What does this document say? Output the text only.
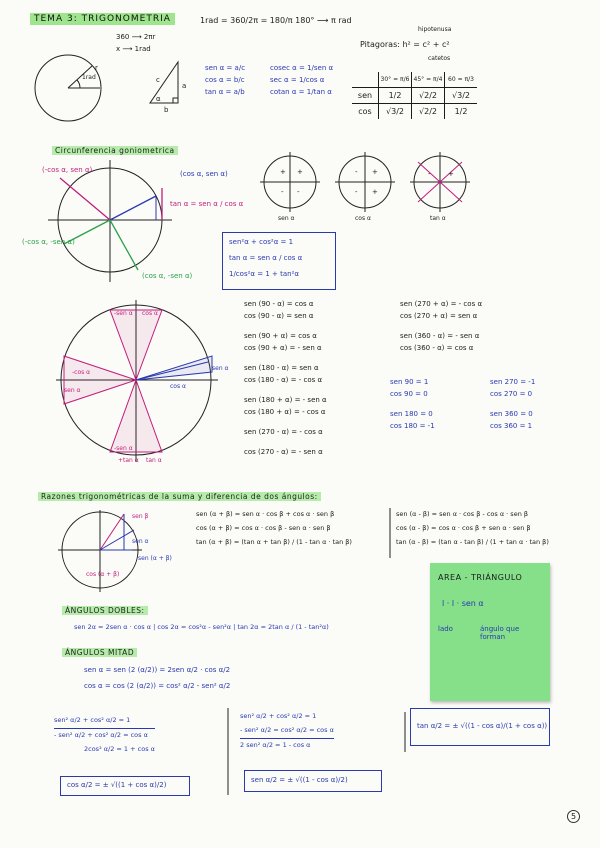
TEMA 3: TRIGONOMETRIA	1rad = 360/2π = 180/π 180° ⟶ π rad
360 ⟶ 2πr
x ⟶ 1rad
r
1rad	c
a
b
α
sen α = a/c
cos α = b/c
tan α = a/b
cosec α = 1/sen α
sec α = 1/cos α
cotan α = 1/tan α
hipotenusa
Pitagoras: h² = c² + c²
catetos
	30° = π/6	45° = π/4	60 = π/3
sen	1/2	√2/2	√3/2
cos	√3/2	√2/2	1/2
Circunferencia goniometrica
(-cos α, sen α)	(cos α, sen α)
tan α = sen α / cos α
(-cos α, -sen α)
(cos α, -sen α)
+ +
- -
- +
- +
+
-
sen α	cos α	tan α
sen²α + cos²α = 1
tan α = sen α / cos α
1/cos²α = 1 + tan²α
-sen α cos α
-cos α
sen α
cos α
sen α
-sen α
+tan α tan α
sen (90 - α) = cos α
cos (90 - α) = sen α
sen (90 + α) = cos α
cos (90 + α) = - sen α
sen (180 - α) = sen α
cos (180 - α) = - cos α
sen (180 + α) = - sen α
cos (180 + α) = - cos α
sen (270 - α) = - cos α
cos (270 - α) = - sen α
sen (270 + α) = - cos α
cos (270 + α) = sen α
sen (360 - α) = - sen α
cos (360 - α) = cos α
sen 90 = 1	sen 270 = -1
cos 90 = 0	cos 270 = 0
sen 180 = 0	sen 360 = 0
cos 180 = -1	cos 360 = 1
Razones trigonométricas de la suma y diferencia de dos ángulos:
sen β
sen α
sen (α + β)
cos (α + β)
sen (α + β) = sen α · cos β + cos α · sen β
cos (α + β) = cos α · cos β - sen α · sen β
tan (α + β) = (tan α + tan β) / (1 - tan α · tan β)
sen (α - β) = sen α · cos β - cos α · sen β
cos (α - β) = cos α · cos β + sen α · sen β
tan (α - β) = (tan α - tan β) / (1 + tan α · tan β)
AREA - TRIÁNGULO
l · l · sen α
lado	ángulo que forman
ÁNGULOS DOBLES:
sen 2α = 2sen α · cos α | cos 2α = cos²α - sen²α | tan 2α = 2tan α / (1 - tan²α)
ÁNGULOS MITAD
sen α = sen (2 (α/2)) = 2sen α/2 · cos α/2
cos α = cos (2 (α/2)) = cos² α/2 - sen² α/2
sen² α/2 + cos² α/2 = 1
- sen² α/2 + cos² α/2 = cos α
2cos² α/2 = 1 + cos α
cos α/2 = ± √((1 + cos α)/2)
sen² α/2 + cos² α/2 = 1
- sen² α/2 = cos² α/2 = cos α
2 sen² α/2 = 1 - cos α
sen α/2 = ± √((1 - cos α)/2)
tan α/2 = ± √((1 - cos α)/(1 + cos α))
5
